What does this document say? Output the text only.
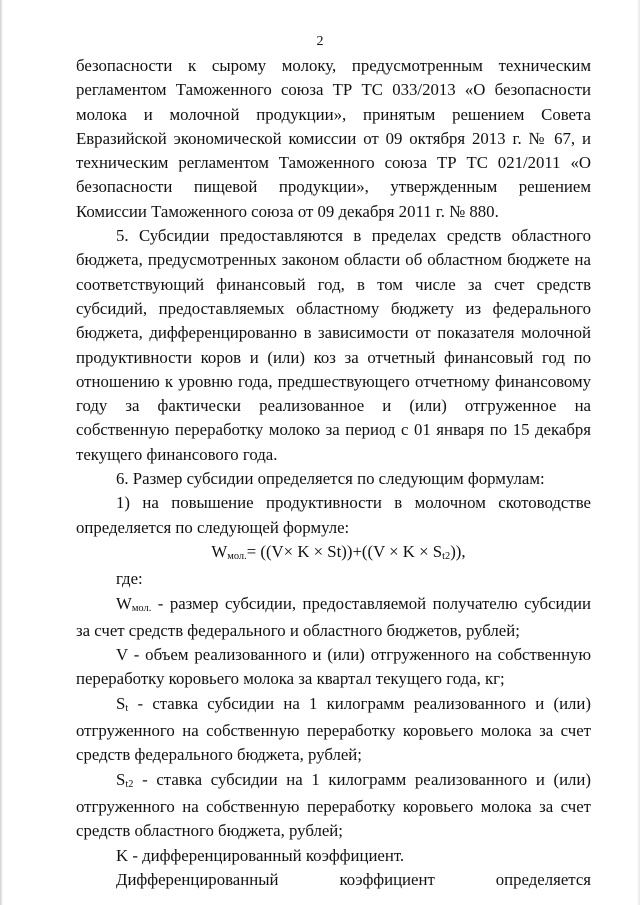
2

безопасности к сырому молоку, предусмотренным техническим регламентом Таможенного союза ТР ТС 033/2013 «О безопасности молока и молочной продукции», принятым решением Совета Евразийской экономической комиссии от 09 октября 2013 г. № 67, и техническим регламентом Таможенного союза ТР ТС 021/2011 «О безопасности пищевой продукции», утвержденным решением Комиссии Таможенного союза от 09 декабря 2011 г. № 880.

5. Субсидии предоставляются в пределах средств областного бюджета, предусмотренных законом области об областном бюджете на соответствующий финансовый год, в том числе за счет средств субсидий, предоставляемых областному бюджету из федерального бюджета, дифференцированно в зависимости от показателя молочной продуктивности коров и (или) коз за отчетный финансовый год по отношению к уровню года, предшествующего отчетному финансовому году за фактически реализованное и (или) отгруженное на собственную переработку молоко за период с 01 января по 15 декабря текущего финансового года.

6. Размер субсидии определяется по следующим формулам:

1) на повышение продуктивности в молочном скотоводстве определяется по следующей формуле:

Wмол.= ((V× K × St))+((V × K × St2)),

где:

Wмол. - размер субсидии, предоставляемой получателю субсидии за счет средств федерального и областного бюджетов, рублей;

V - объем реализованного и (или) отгруженного на собственную переработку коровьего молока за квартал текущего года, кг;

St - ставка субсидии на 1 килограмм реализованного и (или) отгруженного на собственную переработку коровьего молока за счет средств федерального бюджета, рублей;

St2 - ставка субсидии на 1 килограмм реализованного и (или) отгруженного на собственную переработку коровьего молока за счет средств областного бюджета, рублей;

K - дифференцированный коэффициент.

Дифференцированный коэффициент определяется
